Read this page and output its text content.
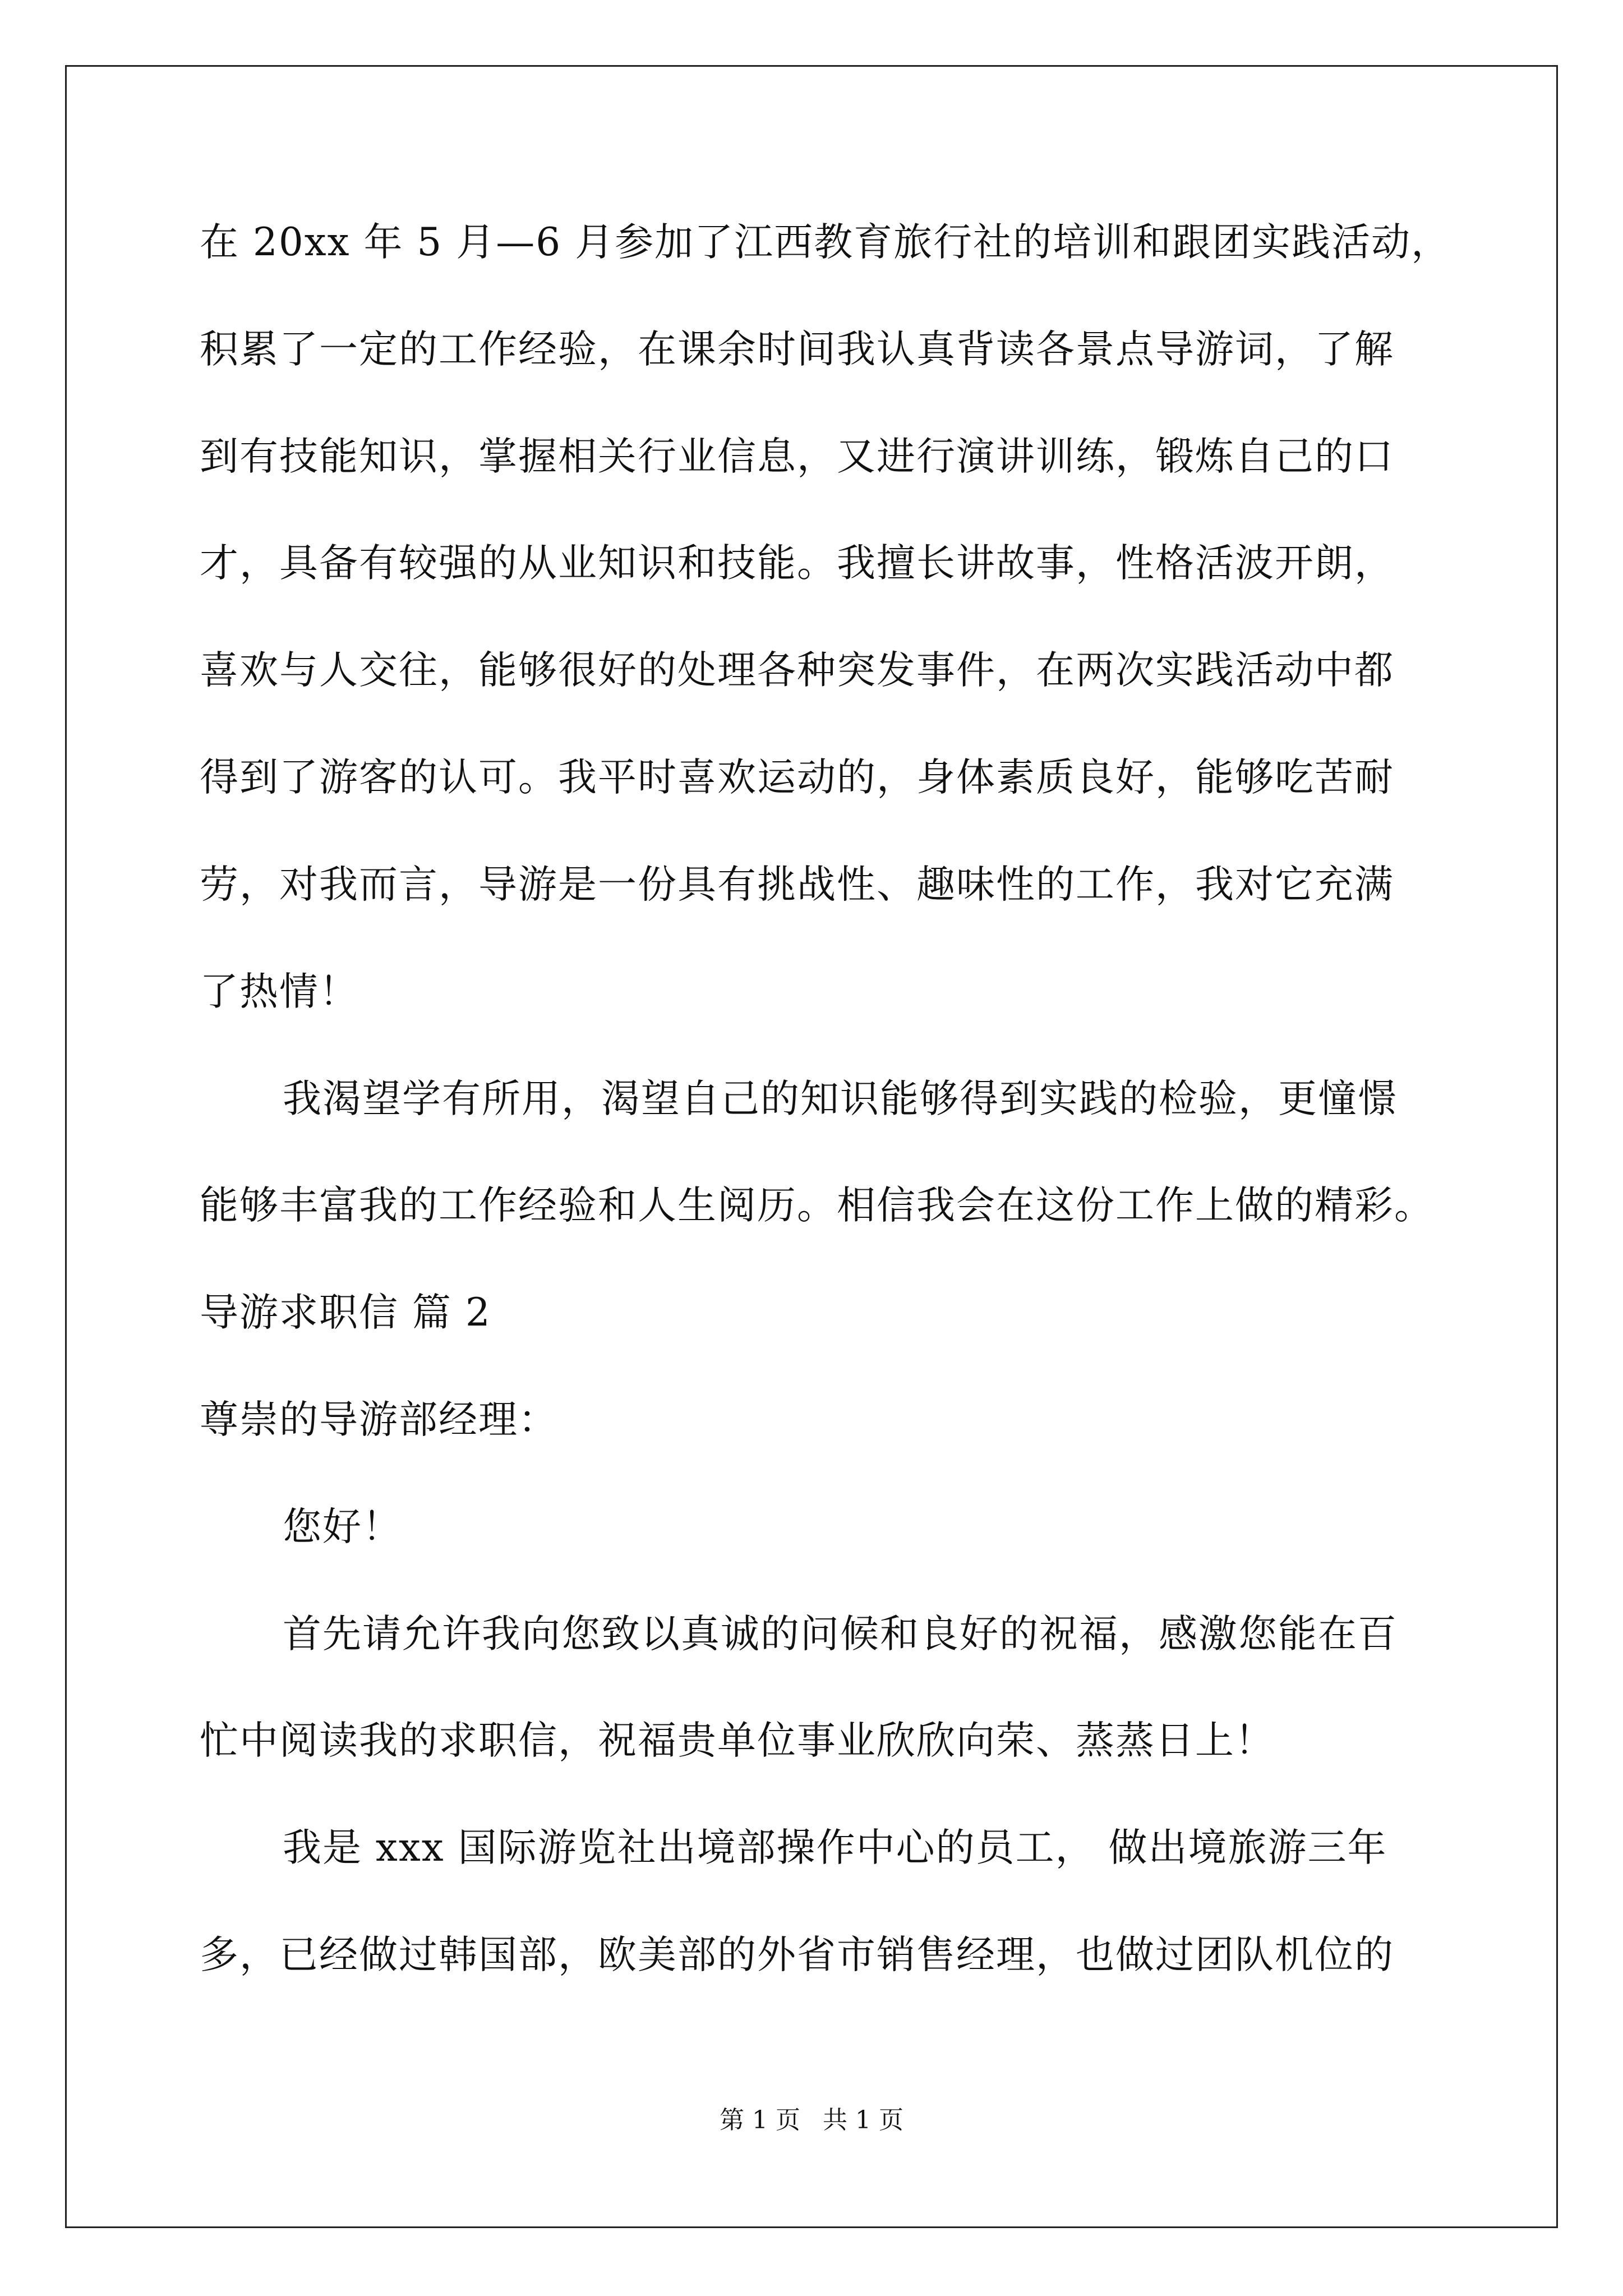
在 20xx 年 5 月—6 月参加了江西教育旅行社的培训和跟团实践活动，
积累了一定的工作经验，在课余时间我认真背读各景点导游词，了解
到有技能知识，掌握相关行业信息，又进行演讲训练，锻炼自己的口
才，具备有较强的从业知识和技能。我擅长讲故事，性格活波开朗，
喜欢与人交往，能够很好的处理各种突发事件，在两次实践活动中都
得到了游客的认可。我平时喜欢运动的，身体素质良好，能够吃苦耐
劳，对我而言，导游是一份具有挑战性、趣味性的工作，我对它充满
了热情！
我渴望学有所用，渴望自己的知识能够得到实践的检验，更憧憬
能够丰富我的工作经验和人生阅历。相信我会在这份工作上做的精彩。
导游求职信 篇 2
尊崇的导游部经理：
您好！
首先请允许我向您致以真诚的问候和良好的祝福，感激您能在百
忙中阅读我的求职信，祝福贵单位事业欣欣向荣、蒸蒸日上！
我是 xxx 国际游览社出境部操作中心的员工， 做出境旅游三年
多，已经做过韩国部，欧美部的外省市销售经理，也做过团队机位的
第 1 页 共 1 页
